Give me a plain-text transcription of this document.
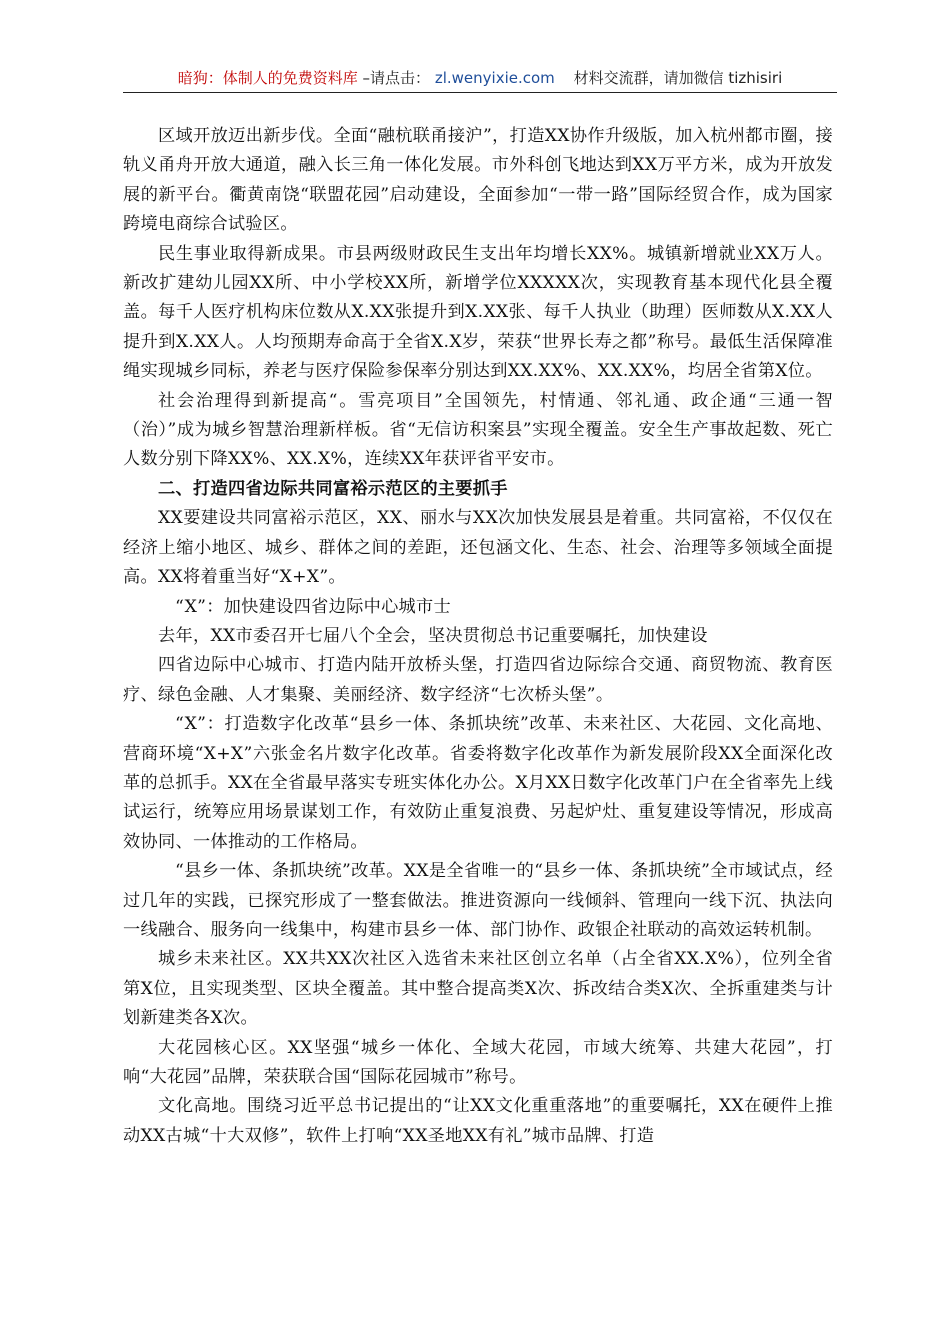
暗狗：体制人的免费资料库 –请点击： zl.wenyixie.com 材料交流群，请加微信 tizhisiri

区域开放迈出新步伐。全面“融杭联甬接沪”，打造XX协作升级版，加入杭州都市圈，接轨义甬舟开放大通道，融入长三角一体化发展。市外科创飞地达到XX万平方米，成为开放发展的新平台。衢黄南饶“联盟花园”启动建设，全面参加“一带一路”国际经贸合作，成为国家跨境电商综合试验区。

民生事业取得新成果。市县两级财政民生支出年均增长XX%。城镇新增就业XX万人。新改扩建幼儿园XX所、中小学校XX所，新增学位XXXXX次，实现教育基本现代化县全覆盖。每千人医疗机构床位数从X.XX张提升到X.XX张、每千人执业（助理）医师数从X.XX人提升到X.XX人。人均预期寿命高于全省X.X岁，荣获“世界长寿之都”称号。最低生活保障准绳实现城乡同标，养老与医疗保险参保率分别达到XX.XX%、XX.XX%，均居全省第X位。

社会治理得到新提高“。雪亮项目”全国领先，村情通、邻礼通、政企通“三通一智（治）”成为城乡智慧治理新样板。省“无信访积案县”实现全覆盖。安全生产事故起数、死亡人数分别下降XX%、XX.X%，连续XX年获评省平安市。

二、打造四省边际共同富裕示范区的主要抓手

XX要建设共同富裕示范区，XX、丽水与XX次加快发展县是着重。共同富裕，不仅仅在经济上缩小地区、城乡、群体之间的差距，还包涵文化、生态、社会、治理等多领域全面提高。XX将着重当好“X+X”。

“X”：加快建设四省边际中心城市士

去年，XX市委召开七届八个全会，坚决贯彻总书记重要嘱托，加快建设

四省边际中心城市、打造内陆开放桥头堡，打造四省边际综合交通、商贸物流、教育医疗、绿色金融、人才集聚、美丽经济、数字经济“七次桥头堡”。

“X”：打造数字化改革“县乡一体、条抓块统”改革、未来社区、大花园、文化高地、营商环境“X+X”六张金名片数字化改革。省委将数字化改革作为新发展阶段XX全面深化改革的总抓手。XX在全省最早落实专班实体化办公。X月XX日数字化改革门户在全省率先上线试运行，统筹应用场景谋划工作，有效防止重复浪费、另起炉灶、重复建设等情况，形成高效协同、一体推动的工作格局。

“县乡一体、条抓块统”改革。XX是全省唯一的“县乡一体、条抓块统”全市域试点，经过几年的实践，已探究形成了一整套做法。推进资源向一线倾斜、管理向一线下沉、执法向一线融合、服务向一线集中，构建市县乡一体、部门协作、政银企社联动的高效运转机制。

城乡未来社区。XX共XX次社区入选省未来社区创立名单（占全省XX.X%），位列全省第X位，且实现类型、区块全覆盖。其中整合提高类X次、拆改结合类X次、全拆重建类与计划新建类各X次。

大花园核心区。XX坚强“城乡一体化、全域大花园，市域大统筹、共建大花园”，打响“大花园”品牌，荣获联合国“国际花园城市”称号。

文化高地。围绕习近平总书记提出的“让XX文化重重落地”的重要嘱托，XX在硬件上推动XX古城“十大双修”，软件上打响“XX圣地XX有礼”城市品牌、打造
